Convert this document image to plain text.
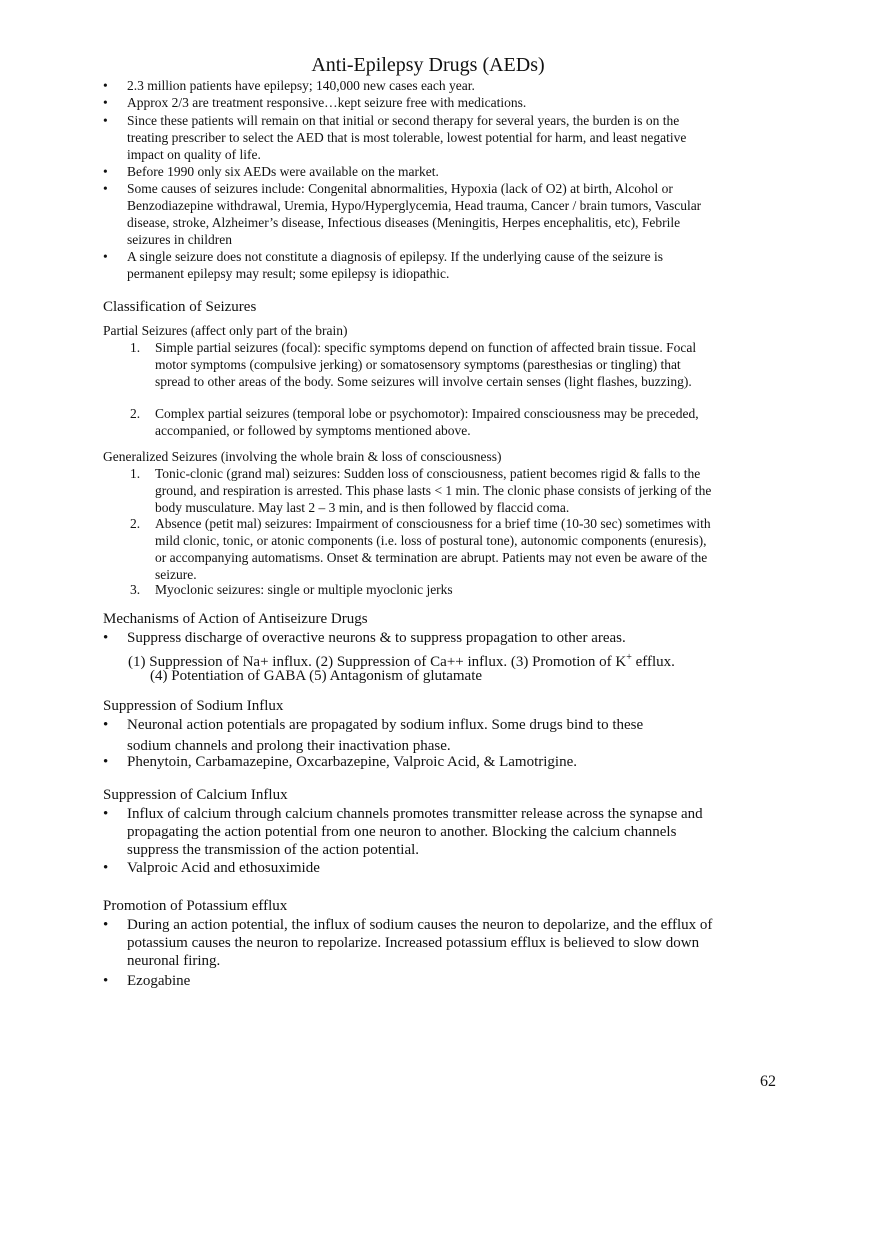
Anti-Epilepsy Drugs (AEDs)
• 2.3 million patients have epilepsy; 140,000 new cases each year.
• Approx 2/3 are treatment responsive…kept seizure free with medications.
• Since these patients will remain on that initial or second therapy for several years, the burden is on the treating prescriber to select the AED that is most tolerable, lowest potential for harm, and least negative impact on quality of life.
• Before 1990 only six AEDs were available on the market.
• Some causes of seizures include: Congenital abnormalities, Hypoxia (lack of O2) at birth, Alcohol or Benzodiazepine withdrawal, Uremia, Hypo/Hyperglycemia, Head trauma, Cancer / brain tumors, Vascular disease, stroke, Alzheimer’s disease, Infectious diseases (Meningitis, Herpes encephalitis, etc), Febrile seizures in children
• A single seizure does not constitute a diagnosis of epilepsy. If the underlying cause of the seizure is permanent epilepsy may result; some epilepsy is idiopathic.
Classification of Seizures
Partial Seizures (affect only part of the brain)
1. Simple partial seizures (focal): specific symptoms depend on function of affected brain tissue. Focal motor symptoms (compulsive jerking) or somatosensory symptoms (paresthesias or tingling) that spread to other areas of the body. Some seizures will involve certain senses (light flashes, buzzing).
2. Complex partial seizures (temporal lobe or psychomotor): Impaired consciousness may be preceded, accompanied, or followed by symptoms mentioned above.
Generalized Seizures (involving the whole brain & loss of consciousness)
1. Tonic-clonic (grand mal) seizures: Sudden loss of consciousness, patient becomes rigid & falls to the ground, and respiration is arrested. This phase lasts < 1 min. The clonic phase consists of jerking of the body musculature. May last 2 – 3 min, and is then followed by flaccid coma.
2. Absence (petit mal) seizures: Impairment of consciousness for a brief time (10-30 sec) sometimes with mild clonic, tonic, or atonic components (i.e. loss of postural tone), autonomic components (enuresis), or accompanying automatisms. Onset & termination are abrupt. Patients may not even be aware of the seizure.
3. Myoclonic seizures: single or multiple myoclonic jerks
Mechanisms of Action of Antiseizure Drugs
• Suppress discharge of overactive neurons & to suppress propagation to other areas.
(1) Suppression of Na+ influx. (2) Suppression of Ca++ influx. (3) Promotion of K+ efflux.
(4) Potentiation of GABA (5) Antagonism of glutamate
Suppression of Sodium Influx
• Neuronal action potentials are propagated by sodium influx. Some drugs bind to these sodium channels and prolong their inactivation phase.
• Phenytoin, Carbamazepine, Oxcarbazepine, Valproic Acid, & Lamotrigine.
Suppression of Calcium Influx
• Influx of calcium through calcium channels promotes transmitter release across the synapse and propagating the action potential from one neuron to another. Blocking the calcium channels suppress the transmission of the action potential.
• Valproic Acid and ethosuximide
Promotion of Potassium efflux
• During an action potential, the influx of sodium causes the neuron to depolarize, and the efflux of potassium causes the neuron to repolarize. Increased potassium efflux is believed to slow down neuronal firing.
• Ezogabine
62
